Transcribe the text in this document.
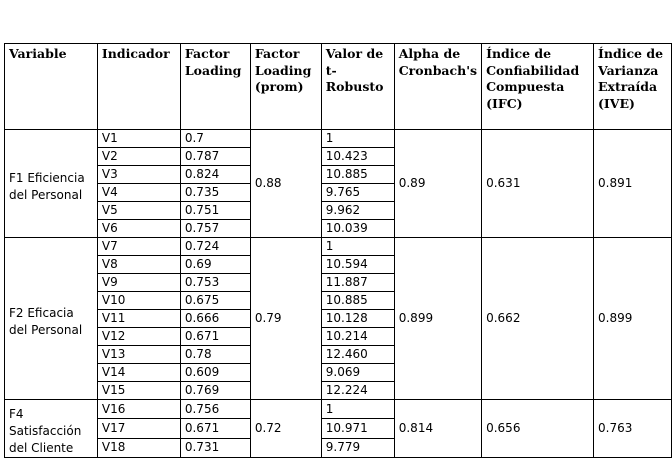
Variable	Indicador	Factor Loading	Factor Loading (prom)	Valor de t-Robusto	Alpha de Cronbach's	Índice de Confiabilidad Compuesta (IFC)	Índice de Varianza Extraída (IVE)
F1 Eficiencia del Personal	V1	0.7	0.88	1	0.89	0.631	0.891
	V2	0.787		10.423			
	V3	0.824		10.885			
	V4	0.735		9.765			
	V5	0.751		9.962			
	V6	0.757		10.039			
F2 Eficacia del Personal	V7	0.724	0.79	1	0.899	0.662	0.899
	V8	0.69		10.594			
	V9	0.753		11.887			
	V10	0.675		10.885			
	V11	0.666		10.128			
	V12	0.671		10.214			
	V13	0.78		12.460			
	V14	0.609		9.069			
	V15	0.769		12.224			
F4 Satisfacción del Cliente	V16	0.756	0.72	1	0.814	0.656	0.763
	V17	0.671		10.971			
	V18	0.731		9.779			
